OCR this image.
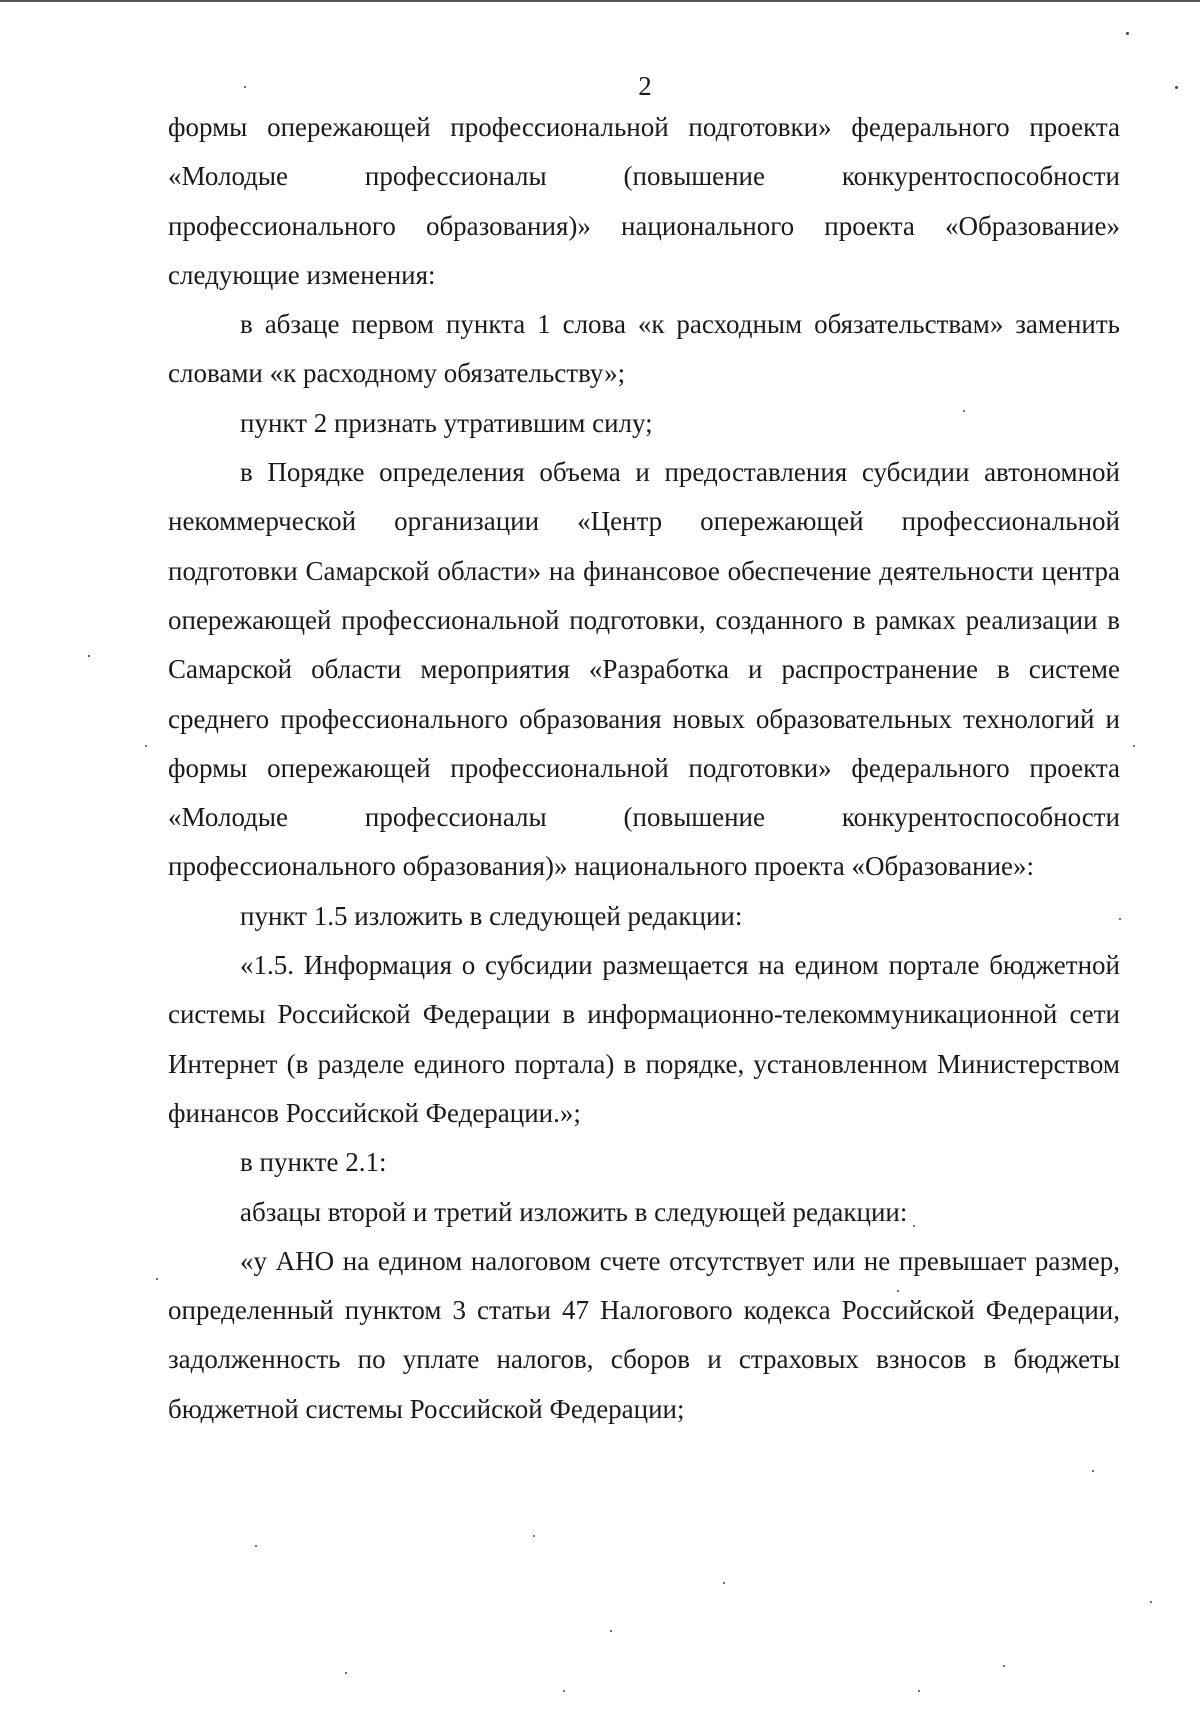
2

формы опережающей профессиональной подготовки» федерального проекта «Молодые профессионалы (повышение конкурентоспособности профессионального образования)» национального проекта «Образование» следующие изменения:

в абзаце первом пункта 1 слова «к расходным обязательствам» заменить словами «к расходному обязательству»;

пункт 2 признать утратившим силу;

в Порядке определения объема и предоставления субсидии автономной некоммерческой организации «Центр опережающей профессиональной подготовки Самарской области» на финансовое обеспечение деятельности центра опережающей профессиональной подготовки, созданного в рамках реализации в Самарской области мероприятия «Разработка и распространение в системе среднего профессионального образования новых образовательных технологий и формы опережающей профессиональной подготовки» федерального проекта «Молодые профессионалы (повышение конкурентоспособности профессионального образования)» национального проекта «Образование»:

пункт 1.5 изложить в следующей редакции:

«1.5. Информация о субсидии размещается на едином портале бюджетной системы Российской Федерации в информационно-телекоммуникационной сети Интернет (в разделе единого портала) в порядке, установленном Министерством финансов Российской Федерации.»;

в пункте 2.1:

абзацы второй и третий изложить в следующей редакции:

«у АНО на едином налоговом счете отсутствует или не превышает размер, определенный пунктом 3 статьи 47 Налогового кодекса Российской Федерации, задолженность по уплате налогов, сборов и страховых взносов в бюджеты бюджетной системы Российской Федерации;
